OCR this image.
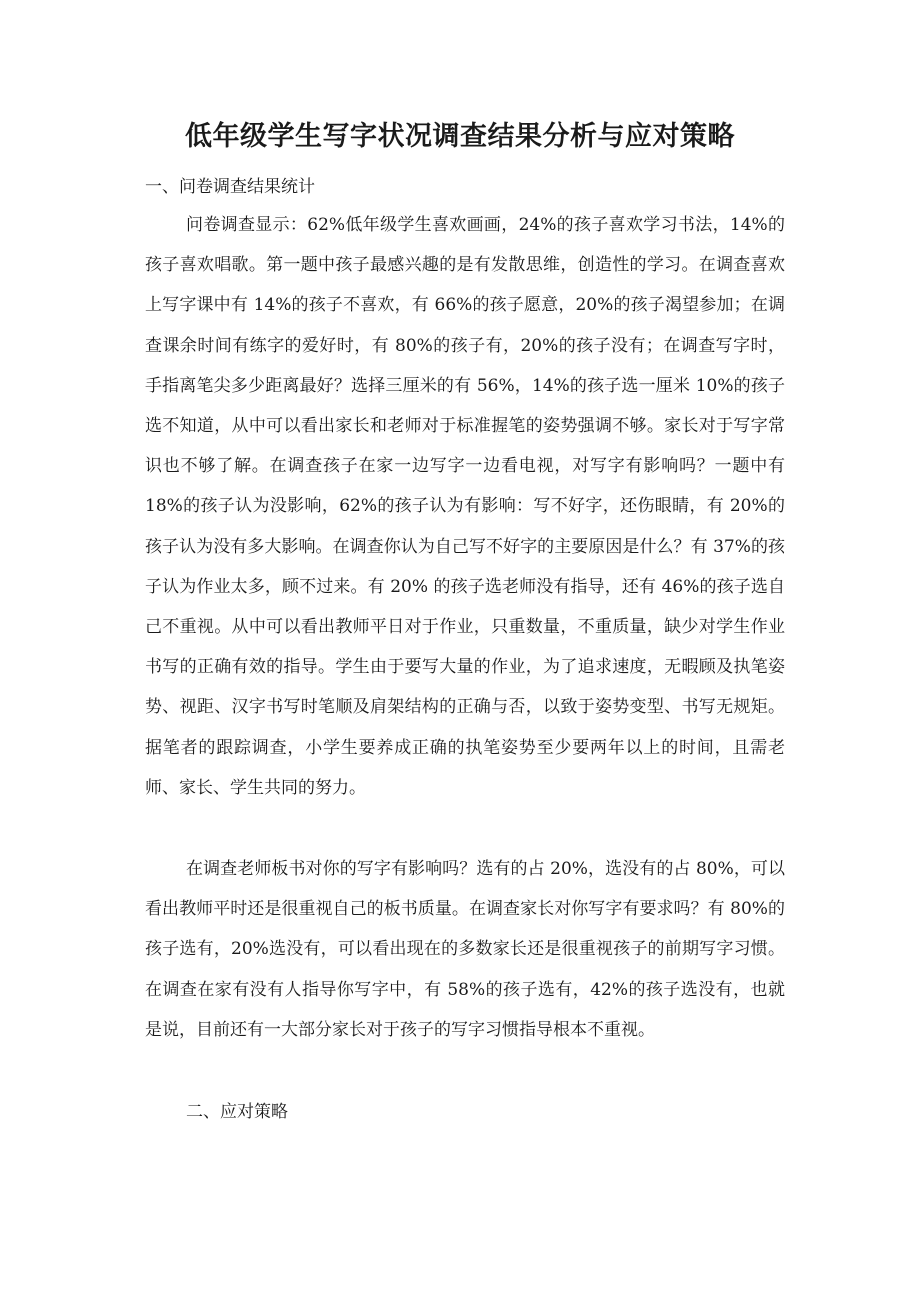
低年级学生写字状况调查结果分析与应对策略

一、问卷调查结果统计

问卷调查显示：62%低年级学生喜欢画画，24%的孩子喜欢学习书法，14%的孩子喜欢唱歌。第一题中孩子最感兴趣的是有发散思维，创造性的学习。在调查喜欢上写字课中有 14%的孩子不喜欢，有 66%的孩子愿意，20%的孩子渴望参加；在调查课余时间有练字的爱好时，有 80%的孩子有，20%的孩子没有；在调查写字时，手指离笔尖多少距离最好？选择三厘米的有 56%，14%的孩子选一厘米 10%的孩子选不知道，从中可以看出家长和老师对于标准握笔的姿势强调不够。家长对于写字常识也不够了解。在调查孩子在家一边写字一边看电视，对写字有影响吗？一题中有 18%的孩子认为没影响，62%的孩子认为有影响：写不好字，还伤眼睛，有 20%的孩子认为没有多大影响。在调查你认为自己写不好字的主要原因是什么？有 37%的孩子认为作业太多，顾不过来。有 20% 的孩子选老师没有指导，还有 46%的孩子选自己不重视。从中可以看出教师平日对于作业，只重数量，不重质量，缺少对学生作业书写的正确有效的指导。学生由于要写大量的作业，为了追求速度，无暇顾及执笔姿势、视距、汉字书写时笔顺及肩架结构的正确与否，以致于姿势变型、书写无规矩。据笔者的跟踪调查，小学生要养成正确的执笔姿势至少要两年以上的时间，且需老师、家长、学生共同的努力。

在调查老师板书对你的写字有影响吗？选有的占 20%，选没有的占 80%，可以看出教师平时还是很重视自己的板书质量。在调查家长对你写字有要求吗？有 80%的孩子选有，20%选没有，可以看出现在的多数家长还是很重视孩子的前期写字习惯。在调查在家有没有人指导你写字中，有 58%的孩子选有，42%的孩子选没有，也就是说，目前还有一大部分家长对于孩子的写字习惯指导根本不重视。

二、应对策略
